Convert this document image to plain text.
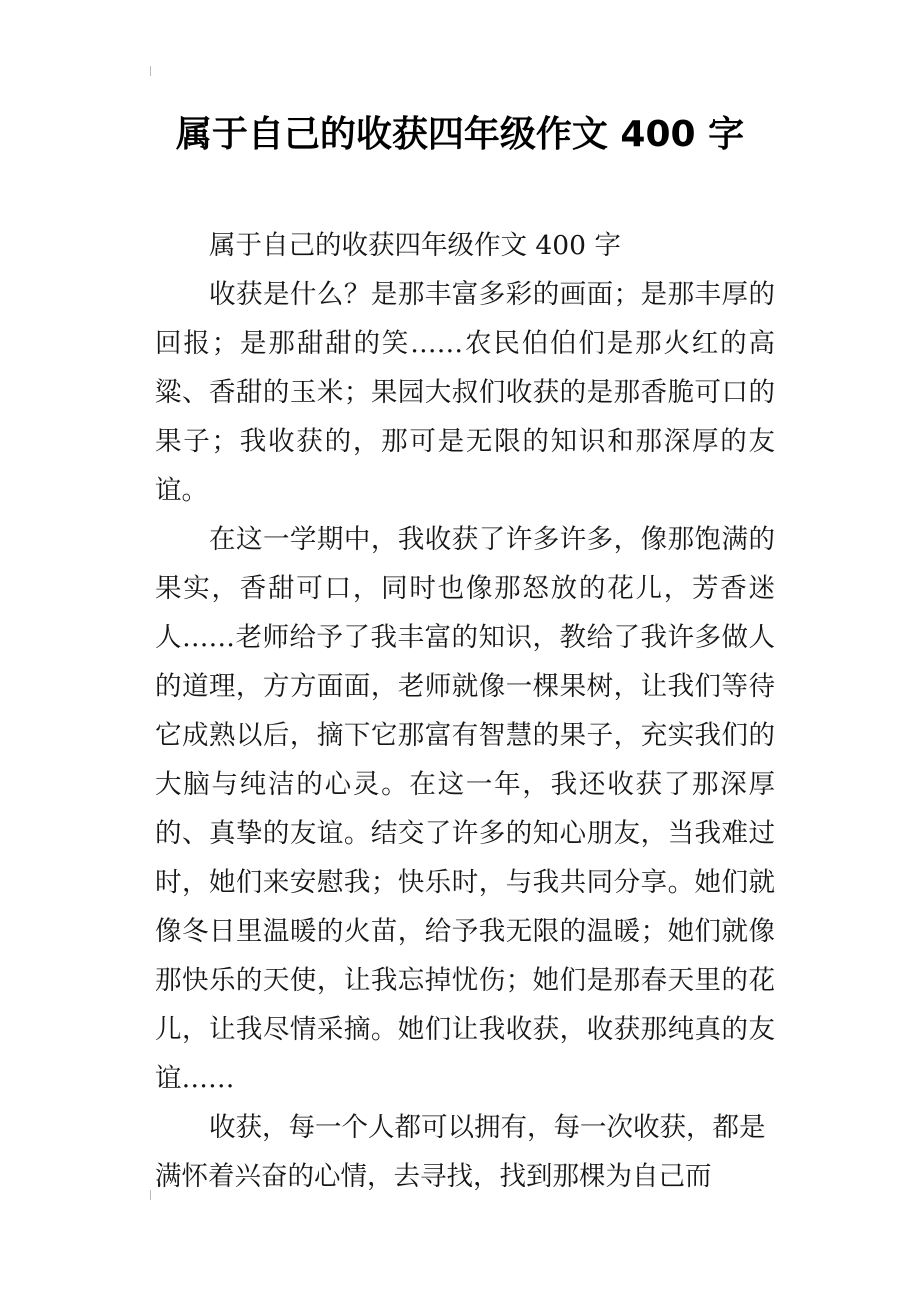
属于自己的收获四年级作文 400 字

属于自己的收获四年级作文 400 字

收获是什么？是那丰富多彩的画面；是那丰厚的回报；是那甜甜的笑……农民伯伯们是那火红的高粱、香甜的玉米；果园大叔们收获的是那香脆可口的果子；我收获的，那可是无限的知识和那深厚的友谊。

在这一学期中，我收获了许多许多，像那饱满的果实，香甜可口，同时也像那怒放的花儿，芳香迷人……老师给予了我丰富的知识，教给了我许多做人的道理，方方面面，老师就像一棵果树，让我们等待它成熟以后，摘下它那富有智慧的果子，充实我们的大脑与纯洁的心灵。在这一年，我还收获了那深厚的、真挚的友谊。结交了许多的知心朋友，当我难过时，她们来安慰我；快乐时，与我共同分享。她们就像冬日里温暖的火苗，给予我无限的温暖；她们就像那快乐的天使，让我忘掉忧伤；她们是那春天里的花儿，让我尽情采摘。她们让我收获，收获那纯真的友谊……

收获，每一个人都可以拥有，每一次收获，都是满怀着兴奋的心情，去寻找，找到那棵为自己而
